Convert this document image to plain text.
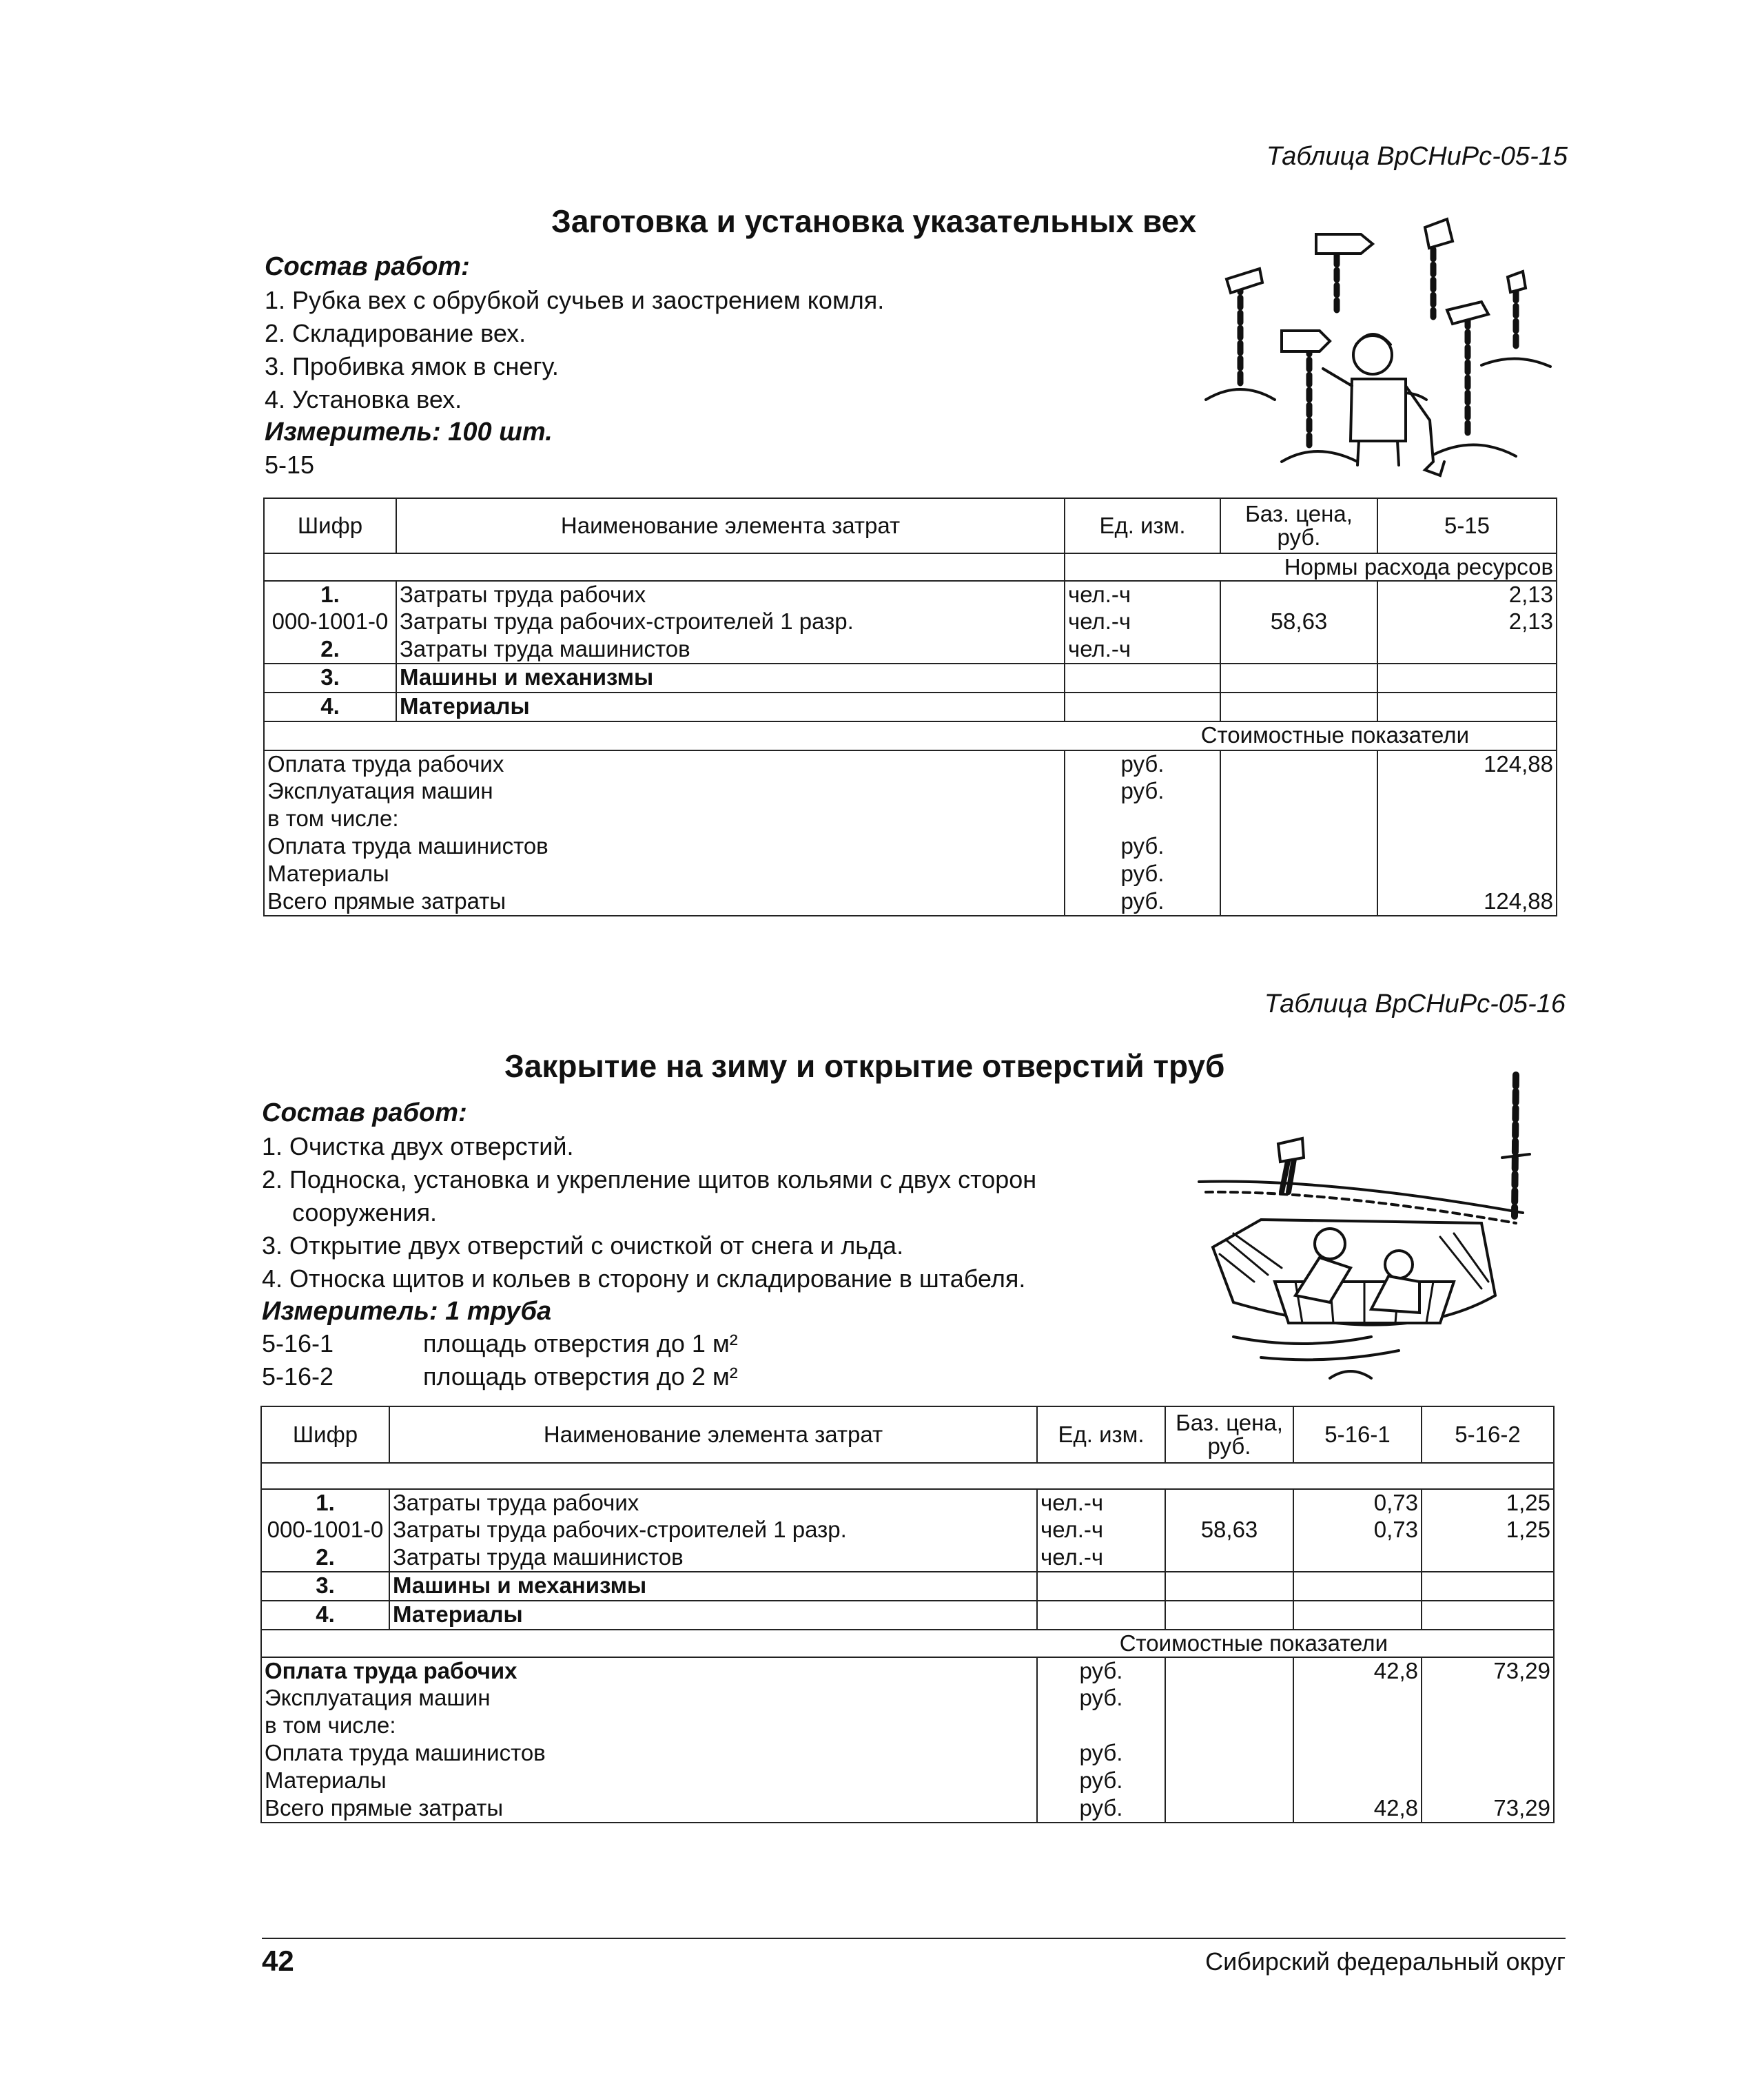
Таблица ВрСНиРс-05-15
Заготовка и установка указательных вех
Состав работ:
1. Рубка вех с обрубкой сучьев и заострением комля.
2. Складирование вех.
3. Пробивка ямок в снегу.
4. Установка вех.
Измеритель: 100 шт.
5-15
Шифр	Наименование элемента затрат	Ед. изм.	Баз. цена, руб.	5-15
		Нормы расхода ресурсов		
1.	Затраты труда рабочих	чел.-ч		2,13
000-1001-0	Затраты труда рабочих-строителей 1 разр.	чел.-ч	58,63	2,13
2.	Затраты труда машинистов	чел.-ч		
3.	Машины и механизмы			
4.	Материалы			
Стоимостные показатели				
Оплата труда рабочих		руб.		124,88
Эксплуатация машин		руб.		
в том числе:				
Оплата труда машинистов		руб.		
Материалы		руб.		
Всего прямые затраты		руб.		124,88
Таблица ВрСНиРс-05-16
Закрытие на зиму и открытие отверстий труб
Состав работ:
1. Очистка двух отверстий.
2. Подноска, установка и укрепление щитов кольями с двух сторон
сооружения.
3. Открытие двух отверстий с очисткой от снега и льда.
4. Относка щитов и кольев в сторону и складирование в штабеля.
Измеритель: 1 труба
5-16-1	площадь отверстия до 1 м²
5-16-2	площадь отверстия до 2 м²
Шифр	Наименование элемента затрат	Ед. изм.	Баз. цена, руб.	5-16-1	5-16-2

1.	Затраты труда рабочих	чел.-ч		0,73	1,25
000-1001-0	Затраты труда рабочих-строителей 1 разр.	чел.-ч	58,63	0,73	1,25
2.	Затраты труда машинистов	чел.-ч			
3.	Машины и механизмы				
4.	Материалы				
Стоимостные показатели					
Оплата труда рабочих		руб.		42,8	73,29
Эксплуатация машин		руб.			
в том числе:					
Оплата труда машинистов		руб.			
Материалы		руб.			
Всего прямые затраты		руб.		42,8	73,29
42	Сибирский федеральный округ
